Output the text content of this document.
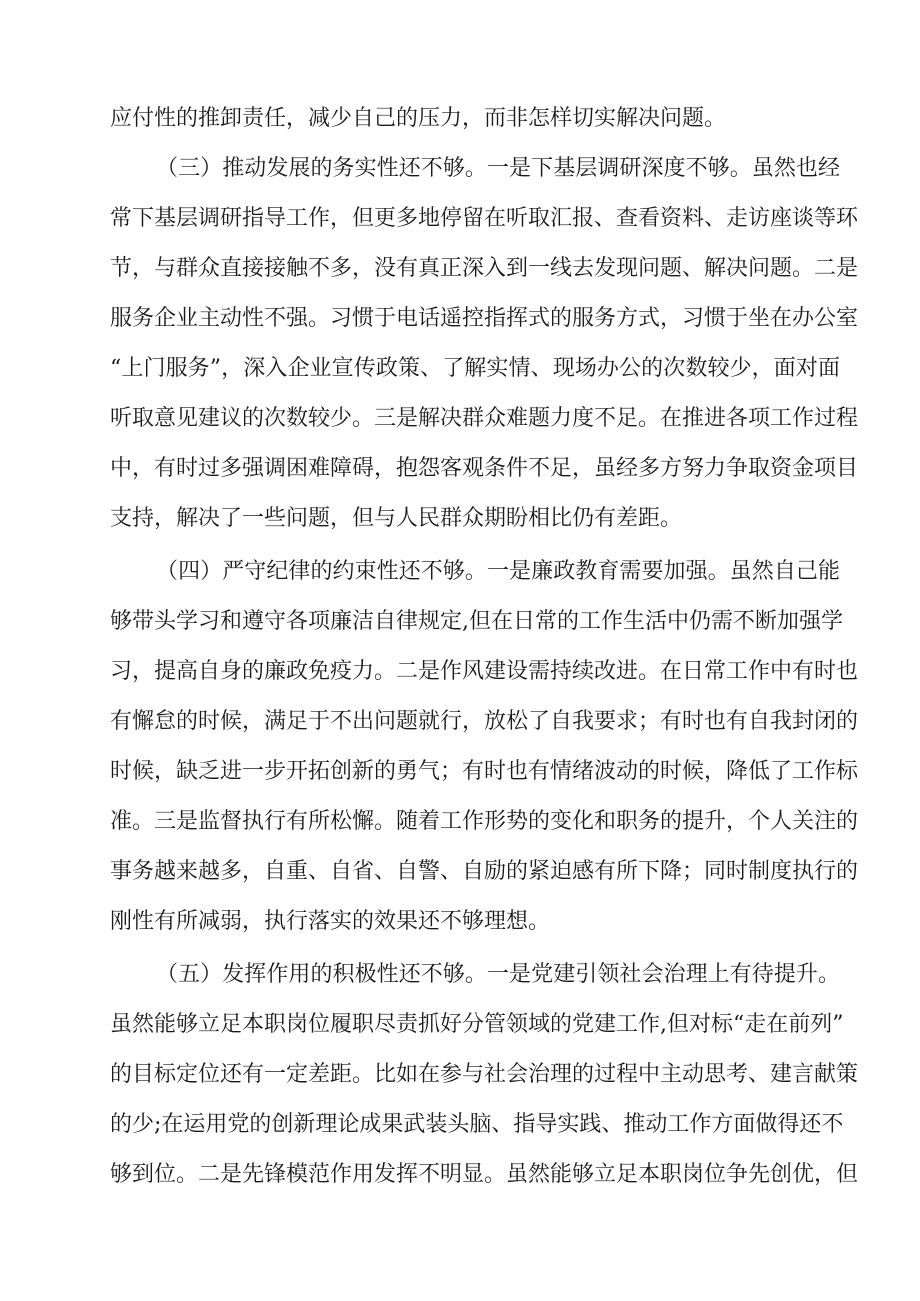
应付性的推卸责任，减少自己的压力，而非怎样切实解决问题。
（三）推动发展的务实性还不够。一是下基层调研深度不够。虽然也经
常下基层调研指导工作，但更多地停留在听取汇报、查看资料、走访座谈等环
节，与群众直接接触不多，没有真正深入到一线去发现问题、解决问题。二是
服务企业主动性不强。习惯于电话遥控指挥式的服务方式，习惯于坐在办公室
“上门服务”，深入企业宣传政策、了解实情、现场办公的次数较少，面对面
听取意见建议的次数较少。三是解决群众难题力度不足。在推进各项工作过程
中，有时过多强调困难障碍，抱怨客观条件不足，虽经多方努力争取资金项目
支持，解决了一些问题，但与人民群众期盼相比仍有差距。
（四）严守纪律的约束性还不够。一是廉政教育需要加强。虽然自己能
够带头学习和遵守各项廉洁自律规定,但在日常的工作生活中仍需不断加强学
习，提高自身的廉政免疫力。二是作风建设需持续改进。在日常工作中有时也
有懈怠的时候，满足于不出问题就行，放松了自我要求；有时也有自我封闭的
时候，缺乏进一步开拓创新的勇气；有时也有情绪波动的时候，降低了工作标
准。三是监督执行有所松懈。随着工作形势的变化和职务的提升，个人关注的
事务越来越多，自重、自省、自警、自励的紧迫感有所下降；同时制度执行的
刚性有所减弱，执行落实的效果还不够理想。
（五）发挥作用的积极性还不够。一是党建引领社会治理上有待提升。
虽然能够立足本职岗位履职尽责抓好分管领域的党建工作,但对标“走在前列”
的目标定位还有一定差距。比如在参与社会治理的过程中主动思考、建言献策
的少;在运用党的创新理论成果武装头脑、指导实践、推动工作方面做得还不
够到位。二是先锋模范作用发挥不明显。虽然能够立足本职岗位争先创优，但
